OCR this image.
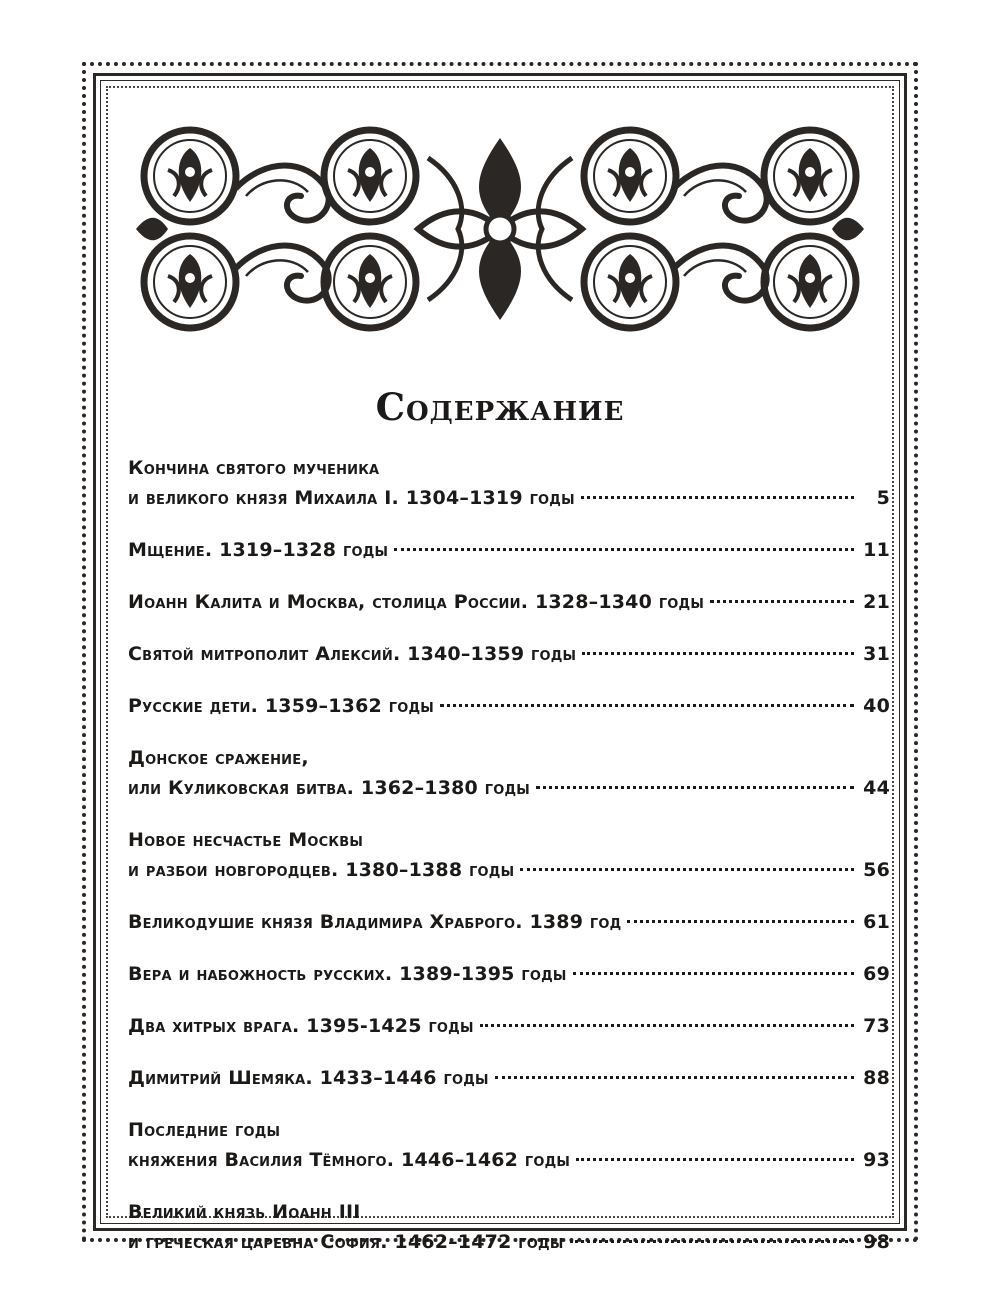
Содержание
Кончина святого мученика
и великого князя Михаила I. 1304–1319 годы	5
Мщение. 1319–1328 годы	11
Иоанн Калита и Москва, столица России. 1328–1340 годы	21
Святой митрополит Алексий. 1340–1359 годы	31
Русские дети. 1359–1362 годы	40
Донское сражение,
или Куликовская битва. 1362–1380 годы	44
Новое несчастье Москвы
и разбои новгородцев. 1380–1388 годы	56
Великодушие князя Владимира Храброго. 1389 год	61
Вера и набожность русских. 1389-1395 годы	69
Два хитрых врага. 1395-1425 годы	73
Димитрий Шемяка. 1433–1446 годы	88
Последние годы
княжения Василия Тёмного. 1446–1462 годы	93
Великий князь Иоанн III
и греческая царевна София. 1462–1472 годы	98
